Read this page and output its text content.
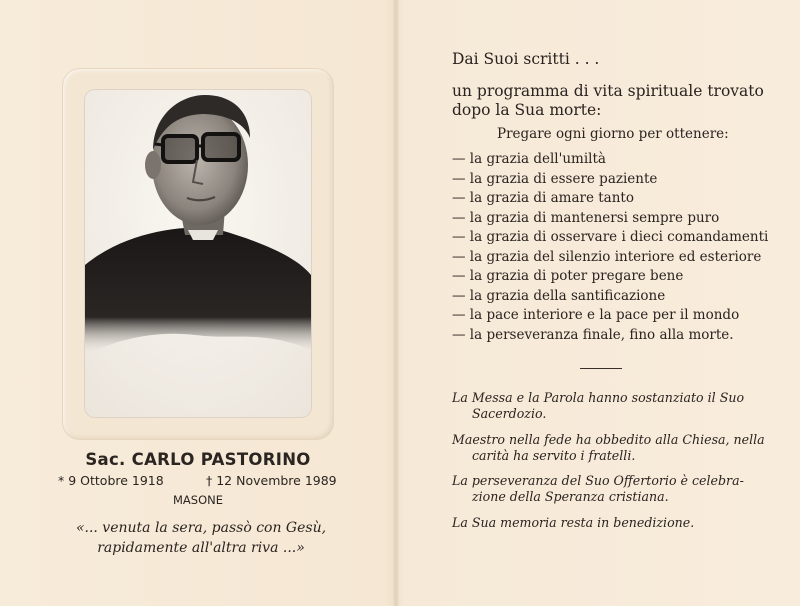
Sac. CARLO PASTORINO
* 9 Ottobre 1918	† 12 Novembre 1989
MASONE
«... venuta la sera, passò con Gesù,
rapidamente all'altra riva ...»
Dai Suoi scritti . . .
un programma di vita spirituale trovato
dopo la Sua morte:
Pregare ogni giorno per ottenere:
— la grazia dell'umiltà
— la grazia di essere paziente
— la grazia di amare tanto
— la grazia di mantenersi sempre puro
— la grazia di osservare i dieci comandamenti
— la grazia del silenzio interiore ed esteriore
— la grazia di poter pregare bene
— la grazia della santificazione
— la pace interiore e la pace per il mondo
— la perseveranza finale, fino alla morte.
La Messa e la Parola hanno sostanziato il Suo
Sacerdozio.
Maestro nella fede ha obbedito alla Chiesa, nella
carità ha servito i fratelli.
La perseveranza del Suo Offertorio è celebra-
zione della Speranza cristiana.
La Sua memoria resta in benedizione.
